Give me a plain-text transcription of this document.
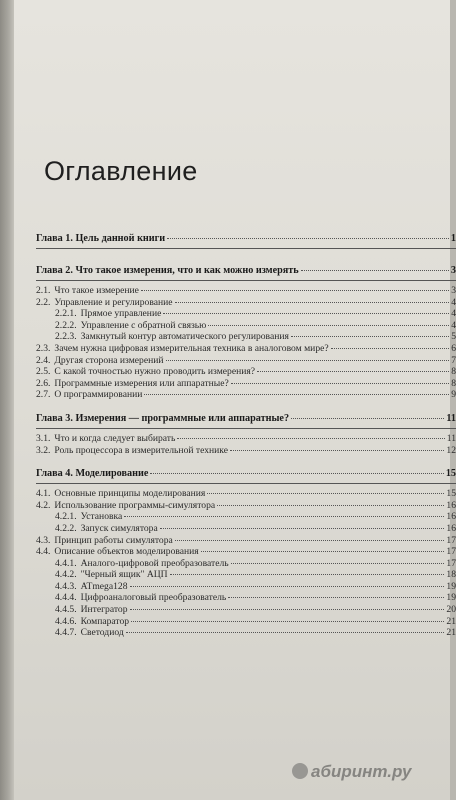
Оглавление
Глава 1. Цель данной книги	1
Глава 2. Что такое измерения, что и как можно измерять	3
2.1. Что такое измерение	3
2.2. Управление и регулирование	4
2.2.1. Прямое управление	4
2.2.2. Управление с обратной связью	4
2.2.3. Замкнутый контур автоматического регулирования	5
2.3. Зачем нужна цифровая измерительная техника в аналоговом мире?	6
2.4. Другая сторона измерений	7
2.5. С какой точностью нужно проводить измерения?	8
2.6. Программные измерения или аппаратные?	8
2.7. О программировании	9
Глава 3. Измерения — программные или аппаратные?	11
3.1. Что и когда следует выбирать	11
3.2. Роль процессора в измерительной технике	12
Глава 4. Моделирование	15
4.1. Основные принципы моделирования	15
4.2. Использование программы-симулятора	16
4.2.1. Установка	16
4.2.2. Запуск симулятора	16
4.3. Принцип работы симулятора	17
4.4. Описание объектов моделирования	17
4.4.1. Аналого-цифровой преобразователь	17
4.4.2. "Черный ящик" АЦП	18
4.4.3. ATmega128	19
4.4.4. Цифроаналоговый преобразователь	19
4.4.5. Интегратор	20
4.4.6. Компаратор	21
4.4.7. Светодиод	21
абиринт.ру
